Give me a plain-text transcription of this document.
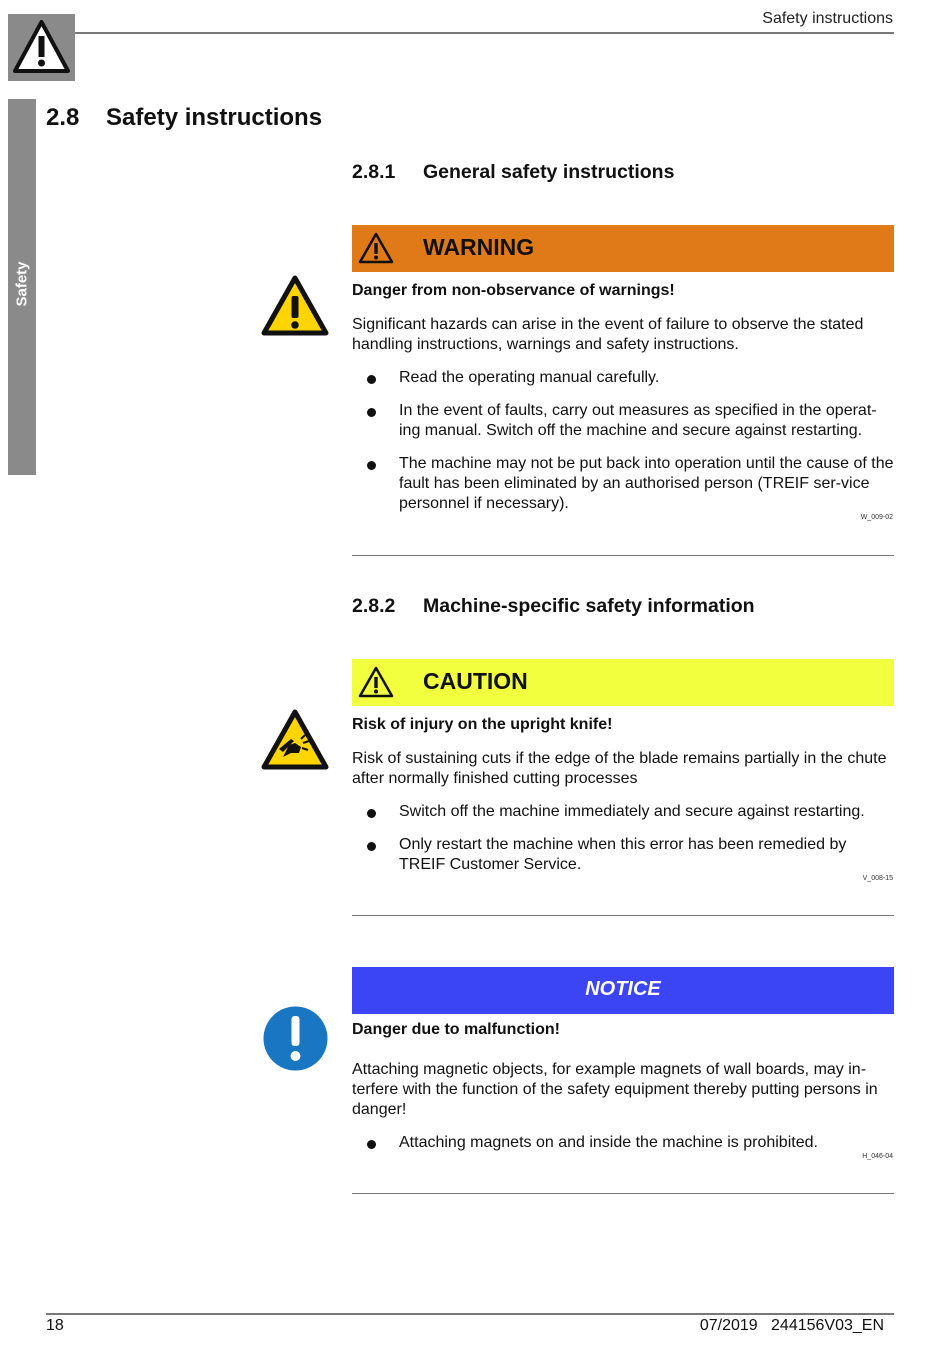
Safety instructions
Safety
2.8 Safety instructions
2.8.1 General safety instructions
WARNING
Danger from non-observance of warnings!
Significant hazards can arise in the event of failure to observe the stated handling instructions, warnings and safety instructions.
Read the operating manual carefully.
In the event of faults, carry out measures as specified in the operat-ing manual. Switch off the machine and secure against restarting.
The machine may not be put back into operation until the cause of the fault has been eliminated by an authorised person (TREIF ser-vice personnel if necessary).
W_009-02
2.8.2 Machine-specific safety information
CAUTION
Risk of injury on the upright knife!
Risk of sustaining cuts if the edge of the blade remains partially in the chute after normally finished cutting processes
Switch off the machine immediately and secure against restarting.
Only restart the machine when this error has been remedied by TREIF Customer Service.
V_008-15
NOTICE
Danger due to malfunction!
Attaching magnetic objects, for example magnets of wall boards, may in-terfere with the function of the safety equipment thereby putting persons in danger!
Attaching magnets on and inside the machine is prohibited.
H_046-04
18	07/2019   244156V03_EN
